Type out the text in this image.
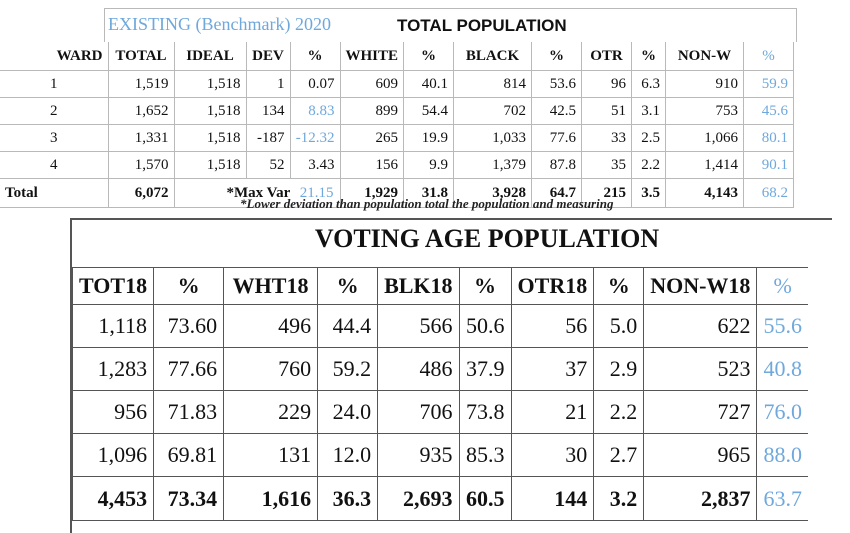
EXISTING (Benchmark) 2020	TOTAL POPULATION
WARD	TOTAL	IDEAL	DEV	%	WHITE	%	BLACK	%	OTR	%	NON-W	%
1	1,519	1,518	1	0.07	609	40.1	814	53.6	96	6.3	910	59.9
2	1,652	1,518	134	8.83	899	54.4	702	42.5	51	3.1	753	45.6
3	1,331	1,518	-187	-12.32	265	19.9	1,033	77.6	33	2.5	1,066	80.1
4	1,570	1,518	52	3.43	156	9.9	1,379	87.8	35	2.2	1,414	90.1
Total	6,072	*Max Var 21.15			1,929	31.8	3,928	64.7	215	3.5	4,143	68.2
*Lower deviation than population total the population and measuring
VOTING AGE POPULATION
TOT18	%	WHT18	%	BLK18	%	OTR18	%	NON-W18	%
1,118	73.60	496	44.4	566	50.6	56	5.0	622	55.6
1,283	77.66	760	59.2	486	37.9	37	2.9	523	40.8
956	71.83	229	24.0	706	73.8	21	2.2	727	76.0
1,096	69.81	131	12.0	935	85.3	30	2.7	965	88.0
4,453	73.34	1,616	36.3	2,693	60.5	144	3.2	2,837	63.7
